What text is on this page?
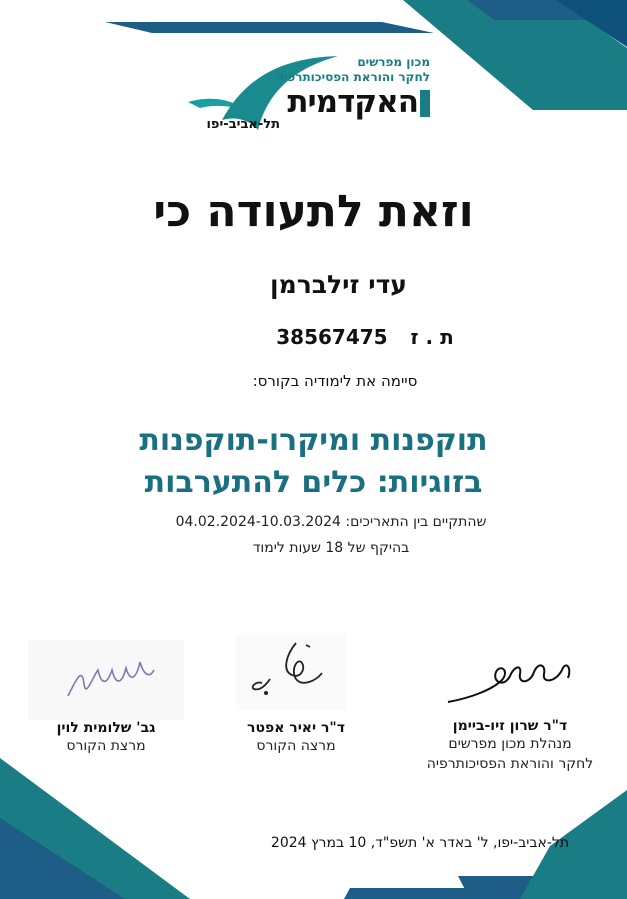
מכון מפרשים
לחקר והוראת הפסיכותרפיה
האקדמית
תל-אביב-יפו
וזאת לתעודה כי
עדי זילברמן
ת . ז 38567475
סיימה את לימודיה בקורס:
תוקפנות ומיקרו-תוקפנות
בזוגיות: כלים להתערבות
שהתקיים בין התאריכים: 04.02.2024-10.03.2024
בהיקף של 18 שעות לימוד
ד"ר שרון זיו-ביימן
מנהלת מכון מפרשים
לחקר והוראת הפסיכותרפיה
ד"ר יאיר אפטר
מרצה הקורס
גב' שלומית לוין
מרצת הקורס
תל-אביב-יפו, ל' באדר א' תשפ"ד, 10 במרץ 2024
